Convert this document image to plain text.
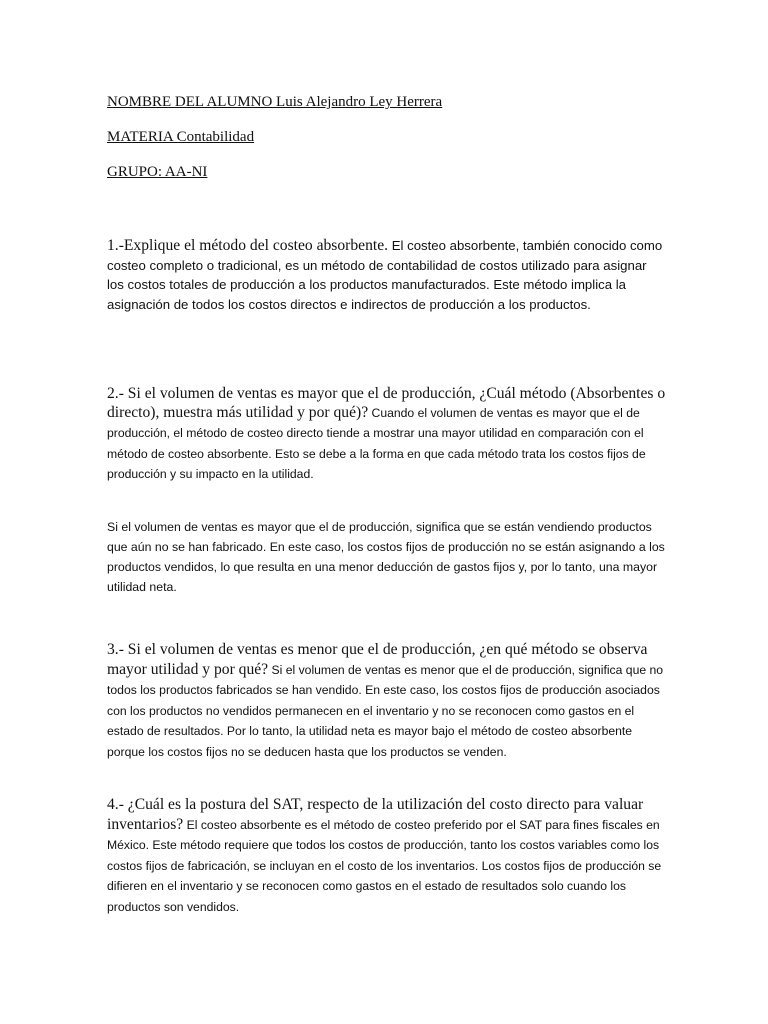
NOMBRE DEL ALUMNO Luis Alejandro Ley Herrera
MATERIA Contabilidad
GRUPO: AA-NI

1.-Explique el método del costeo absorbente. El costeo absorbente, también conocido como costeo completo o tradicional, es un método de contabilidad de costos utilizado para asignar los costos totales de producción a los productos manufacturados. Este método implica la asignación de todos los costos directos e indirectos de producción a los productos.

2.- Si el volumen de ventas es mayor que el de producción, ¿Cuál método (Absorbentes o directo), muestra más utilidad y por qué)? Cuando el volumen de ventas es mayor que el de producción, el método de costeo directo tiende a mostrar una mayor utilidad en comparación con el método de costeo absorbente. Esto se debe a la forma en que cada método trata los costos fijos de producción y su impacto en la utilidad.

Si el volumen de ventas es mayor que el de producción, significa que se están vendiendo productos que aún no se han fabricado. En este caso, los costos fijos de producción no se están asignando a los productos vendidos, lo que resulta en una menor deducción de gastos fijos y, por lo tanto, una mayor utilidad neta.

3.- Si el volumen de ventas es menor que el de producción, ¿en qué método se observa mayor utilidad y por qué? Si el volumen de ventas es menor que el de producción, significa que no todos los productos fabricados se han vendido. En este caso, los costos fijos de producción asociados con los productos no vendidos permanecen en el inventario y no se reconocen como gastos en el estado de resultados. Por lo tanto, la utilidad neta es mayor bajo el método de costeo absorbente porque los costos fijos no se deducen hasta que los productos se venden.

4.- ¿Cuál es la postura del SAT, respecto de la utilización del costo directo para valuar inventarios? El costeo absorbente es el método de costeo preferido por el SAT para fines fiscales en México. Este método requiere que todos los costos de producción, tanto los costos variables como los costos fijos de fabricación, se incluyan en el costo de los inventarios. Los costos fijos de producción se difieren en el inventario y se reconocen como gastos en el estado de resultados solo cuando los productos son vendidos.
